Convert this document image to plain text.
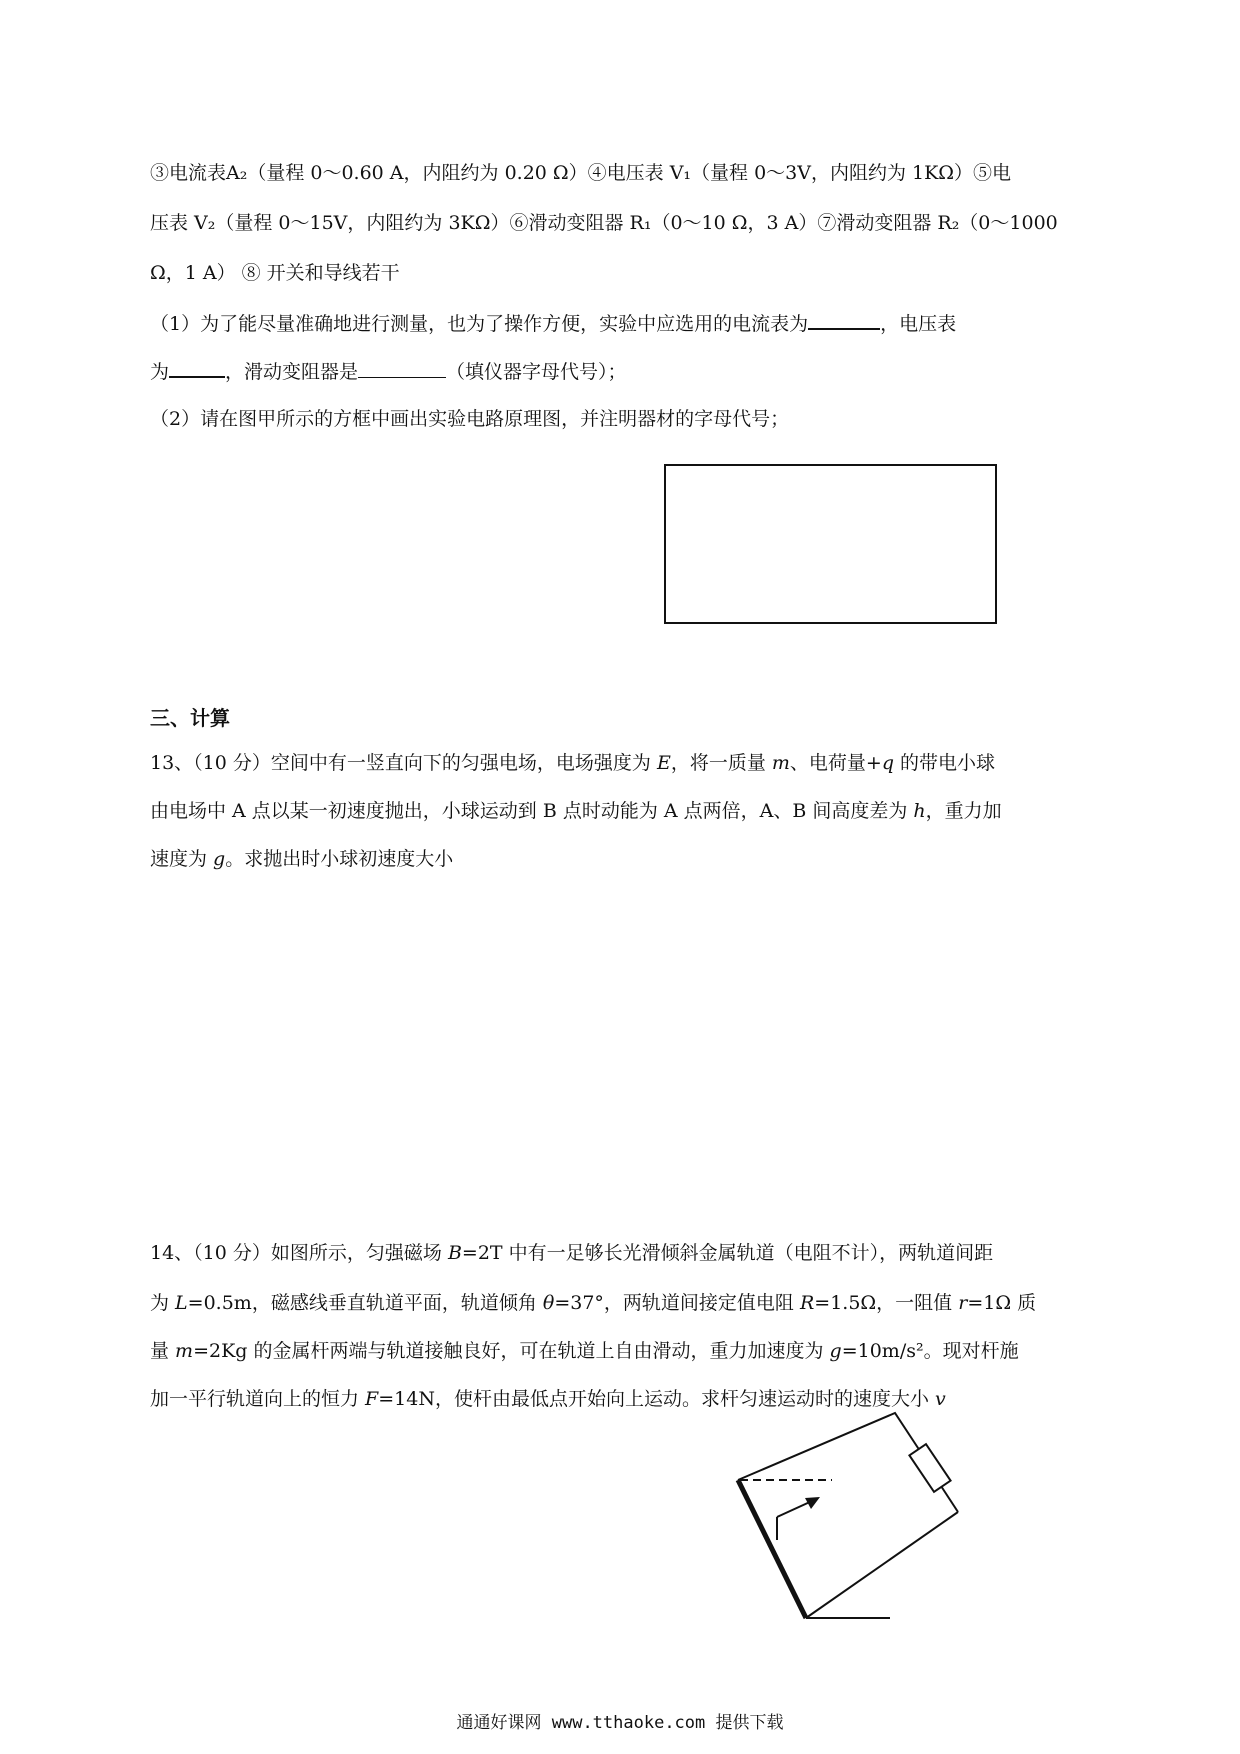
③电流表A₂（量程 0～0.60 A，内阻约为 0.20 Ω）④电压表 V₁（量程 0～3V，内阻约为 1KΩ）⑤电
压表 V₂（量程 0～15V，内阻约为 3KΩ）⑥滑动变阻器 R₁（0～10 Ω，3 A）⑦滑动变阻器 R₂（0～1000
Ω，1 A） ⑧ 开关和导线若干
（1）为了能尽量准确地进行测量，也为了操作方便，实验中应选用的电流表为	，电压表
为	，滑动变阻器是	（填仪器字母代号）；
（2）请在图甲所示的方框中画出实验电路原理图，并注明器材的字母代号；
三、计算
13、（10 分）空间中有一竖直向下的匀强电场，电场强度为 E，将一质量 m、电荷量+q 的带电小球
由电场中 A 点以某一初速度抛出，小球运动到 B 点时动能为 A 点两倍，A、B 间高度差为 h，重力加
速度为 g。求抛出时小球初速度大小
14、（10 分）如图所示，匀强磁场 B=2T 中有一足够长光滑倾斜金属轨道（电阻不计），两轨道间距
为 L=0.5m，磁感线垂直轨道平面，轨道倾角 θ=37°，两轨道间接定值电阻 R=1.5Ω，一阻值 r=1Ω 质
量 m=2Kg 的金属杆两端与轨道接触良好，可在轨道上自由滑动，重力加速度为 g=10m/s²。现对杆施
加一平行轨道向上的恒力 F=14N，使杆由最低点开始向上运动。求杆匀速运动时的速度大小 v
通通好课网 www.tthaoke.com 提供下载
